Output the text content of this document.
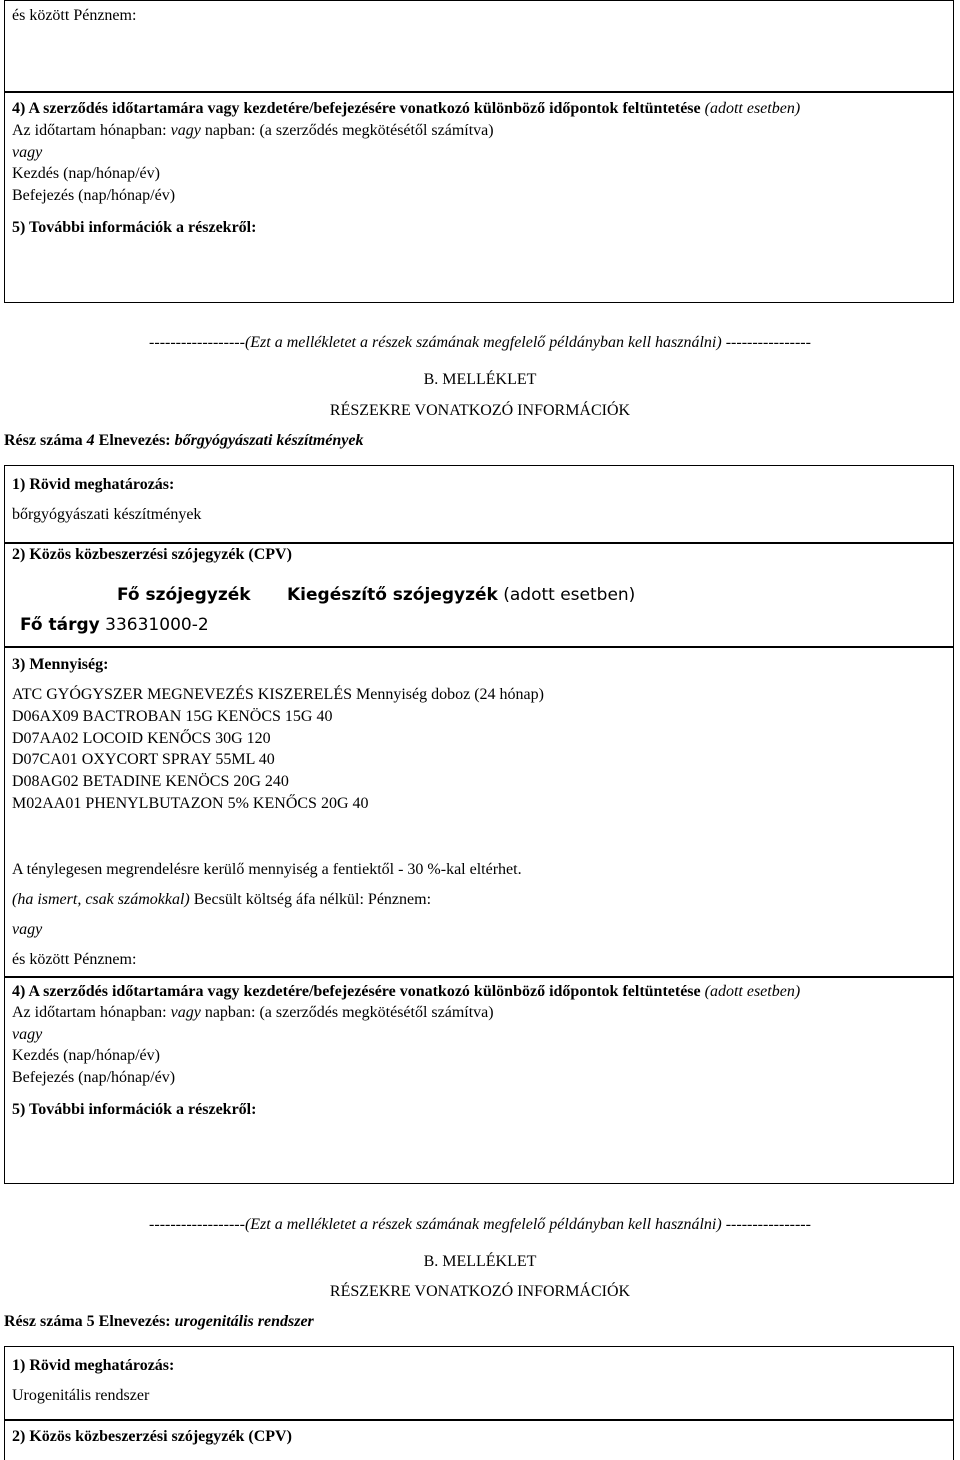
és között Pénznem:
4) A szerződés időtartamára vagy kezdetére/befejezésére vonatkozó különböző időpontok feltüntetése (adott esetben)
Az időtartam hónapban: vagy napban: (a szerződés megkötésétől számítva)
vagy
Kezdés (nap/hónap/év)
Befejezés (nap/hónap/év)
5) További információk a részekről:
------------------(Ezt a mellékletet a részek számának megfelelő példányban kell használni) ----------------
B. MELLÉKLET
RÉSZEKRE VONATKOZÓ INFORMÁCIÓK
Rész száma 4 Elnevezés: bőrgyógyászati készítmények
1) Rövid meghatározás:
bőrgyógyászati készítmények
2) Közös közbeszerzési szójegyzék (CPV)
Fő szójegyzék Kiegészítő szójegyzék (adott esetben)
Fő tárgy 33631000-2
3) Mennyiség:
ATC GYÓGYSZER MEGNEVEZÉS KISZERELÉS Mennyiség doboz (24 hónap)
D06AX09 BACTROBAN 15G KENÖCS 15G 40
D07AA02 LOCOID KENŐCS 30G 120
D07CA01 OXYCORT SPRAY 55ML 40
D08AG02 BETADINE KENÖCS 20G 240
M02AA01 PHENYLBUTAZON 5% KENŐCS 20G 40
A ténylegesen megrendelésre kerülő mennyiség a fentiektől - 30 %-kal eltérhet.
(ha ismert, csak számokkal) Becsült költség áfa nélkül: Pénznem:
vagy
és között Pénznem:
4) A szerződés időtartamára vagy kezdetére/befejezésére vonatkozó különböző időpontok feltüntetése (adott esetben)
Az időtartam hónapban: vagy napban: (a szerződés megkötésétől számítva)
vagy
Kezdés (nap/hónap/év)
Befejezés (nap/hónap/év)
5) További információk a részekről:
------------------(Ezt a mellékletet a részek számának megfelelő példányban kell használni) ----------------
B. MELLÉKLET
RÉSZEKRE VONATKOZÓ INFORMÁCIÓK
Rész száma 5 Elnevezés: urogenitális rendszer
1) Rövid meghatározás:
Urogenitális rendszer
2) Közös közbeszerzési szójegyzék (CPV)
